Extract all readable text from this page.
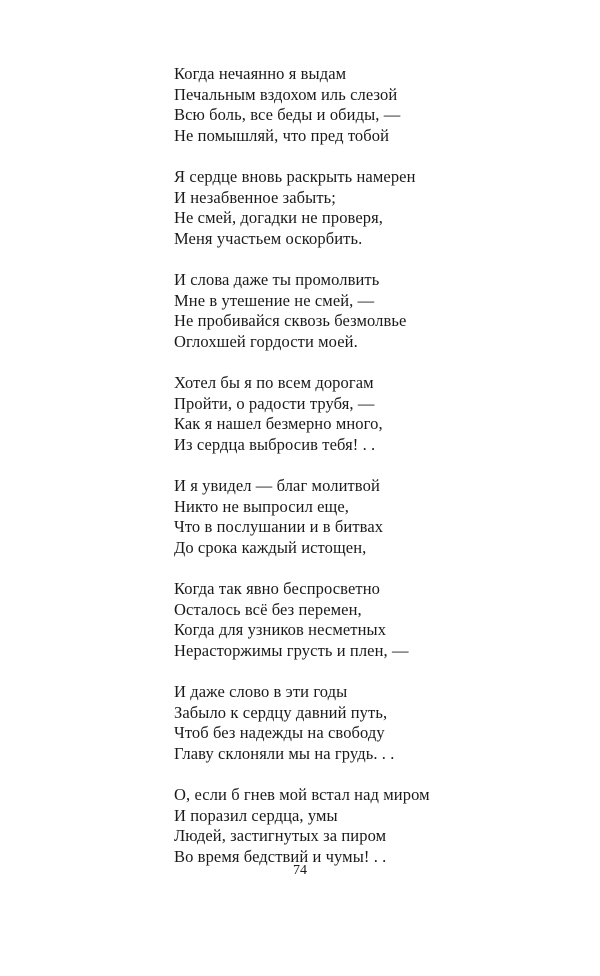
Когда нечаянно я выдам
Печальным вздохом иль слезой
Всю боль, все беды и обиды, —
Не помышляй, что пред тобой
Я сердце вновь раскрыть намерен
И незабвенное забыть;
Не смей, догадки не проверя,
Меня участьем оскорбить.
И слова даже ты промолвить
Мне в утешение не смей, —
Не пробивайся сквозь безмолвье
Оглохшей гордости моей.
Хотел бы я по всем дорогам
Пройти, о радости трубя, —
Как я нашел безмерно много,
Из сердца выбросив тебя! . .
И я увидел — благ молитвой
Никто не выпросил еще,
Что в послушании и в битвах
До срока каждый истощен,
Когда так явно беспросветно
Осталось всё без перемен,
Когда для узников несметных
Нерасторжимы грусть и плен, —
И даже слово в эти годы
Забыло к сердцу давний путь,
Чтоб без надежды на свободу
Главу склоняли мы на грудь. . .
О, если б гнев мой встал над миром
И поразил сердца, умы
Людей, застигнутых за пиром
Во время бедствий и чумы! . .
74
